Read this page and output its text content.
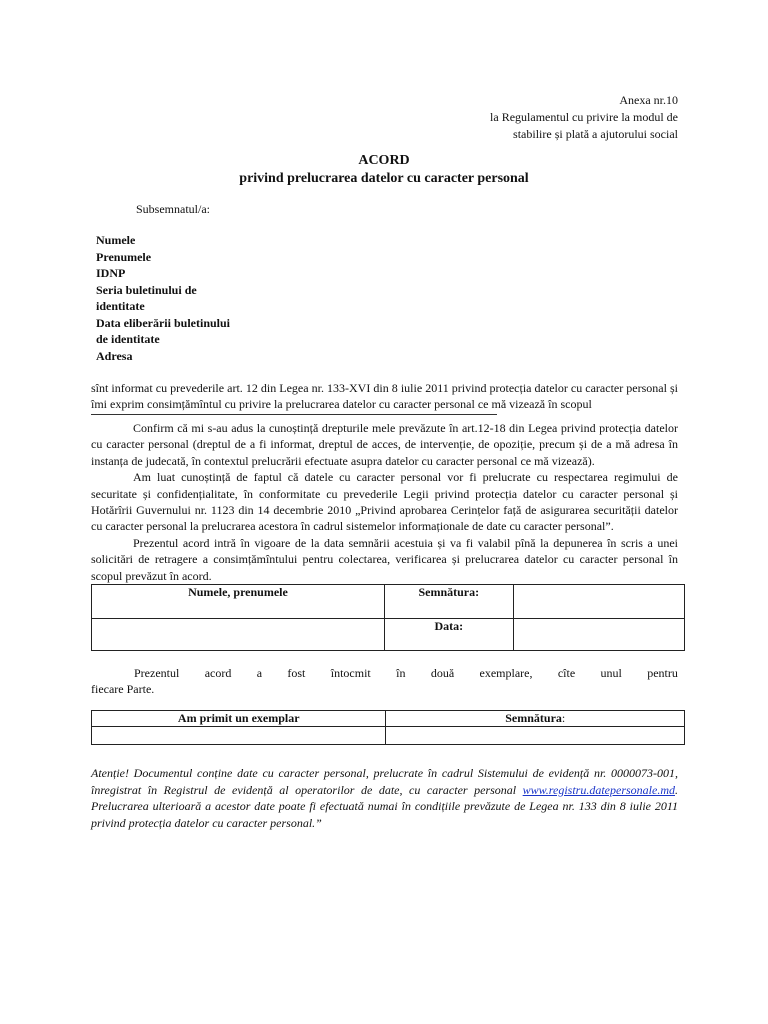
Anexa nr.10
la Regulamentul cu privire la modul de
stabilire și plată a ajutorului social
ACORD
privind prelucrarea datelor cu caracter personal
Subsemnatul/a:
Numele
Prenumele
IDNP
Seria buletinului de
identitate
Data eliberării buletinului
de identitate
Adresa

sînt informat cu prevederile art. 12 din Legea nr. 133-XVI din 8 iulie 2011 privind protecția datelor cu caracter personal și îmi exprim consimțămîntul cu privire la prelucrarea datelor cu caracter personal ce mă vizează în scopul

Confirm că mi s-au adus la cunoștință drepturile mele prevăzute în art.12-18 din Legea privind protecția datelor cu caracter personal (dreptul de a fi informat, dreptul de acces, de intervenție, de opoziție, precum și de a mă adresa în instanța de judecată, în contextul prelucrării efectuate asupra datelor cu caracter personal ce mă vizează).

Am luat cunoștință de faptul că datele cu caracter personal vor fi prelucrate cu respectarea regimului de securitate și confidențialitate, în conformitate cu prevederile Legii privind protecția datelor cu caracter personal și Hotărîrii Guvernului nr. 1123 din 14 decembrie 2010 „Privind aprobarea Cerințelor față de asigurarea securității datelor cu caracter personal la prelucrarea acestora în cadrul sistemelor informaționale de date cu caracter personal”.

Prezentul acord intră în vigoare de la data semnării acestuia și va fi valabil pînă la depunerea în scris a unei solicitări de retragere a consimțămîntului pentru colectarea, verificarea și prelucrarea datelor cu caracter personal în scopul prevăzut în acord.

Numele, prenumele	Semnătura:	
	Data:	
Prezentul acord a fost întocmit în două exemplare, cîte unul pentru
fiecare Parte.
Am primit un exemplar	Semnătura:

Atenție! Documentul conține date cu caracter personal, prelucrate în cadrul Sistemului de evidență nr. 0000073-001, înregistrat în Registrul de evidență al operatorilor de date, cu caracter personal www.registru.datepersonale.md. Prelucrarea ulterioară a acestor date poate fi efectuată numai în condițiile prevăzute de Legea nr. 133 din 8 iulie 2011 privind protecția datelor cu caracter personal.”
